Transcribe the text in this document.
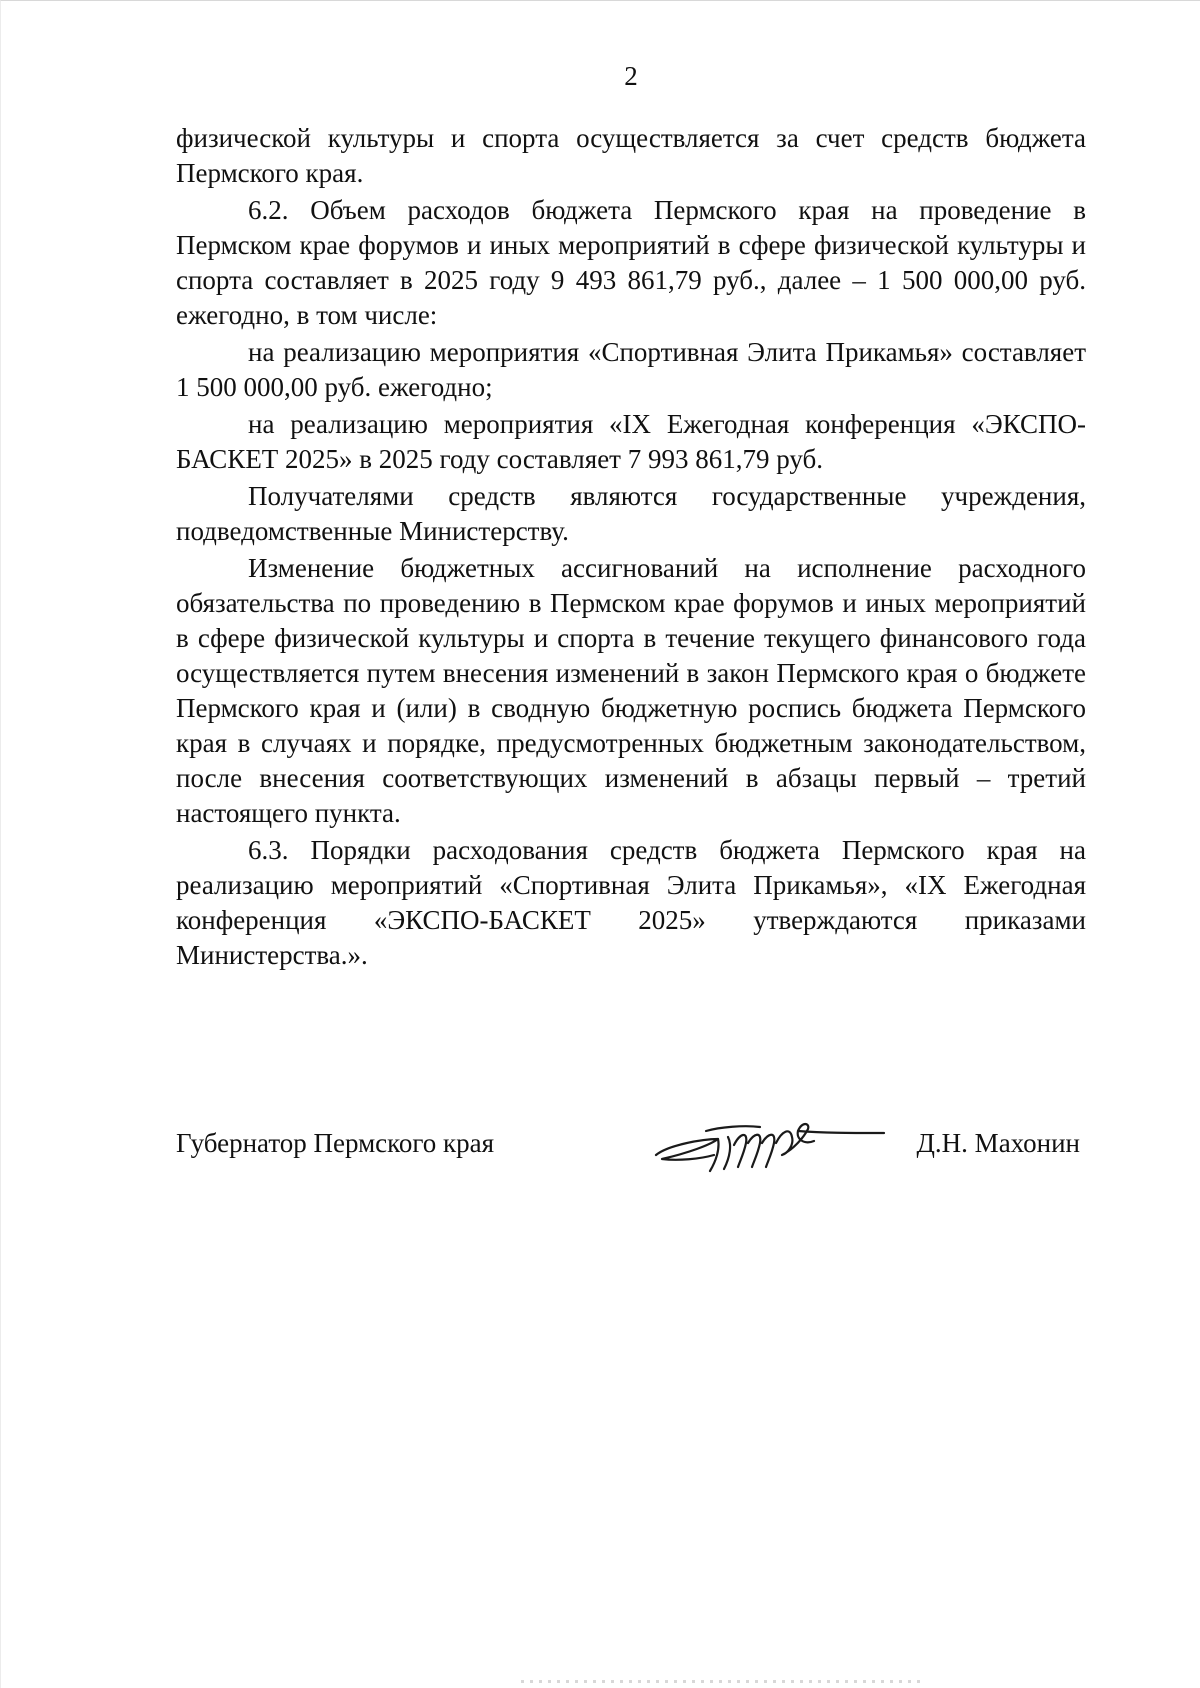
2

физической культуры и спорта осуществляется за счет средств бюджета Пермского края.

6.2. Объем расходов бюджета Пермского края на проведение в Пермском крае форумов и иных мероприятий в сфере физической культуры и спорта составляет в 2025 году 9 493 861,79 руб., далее – 1 500 000,00 руб. ежегодно, в том числе:

на реализацию мероприятия «Спортивная Элита Прикамья» составляет 1 500 000,00 руб. ежегодно;

на реализацию мероприятия «IX Ежегодная конференция «ЭКСПО-БАСКЕТ 2025» в 2025 году составляет 7 993 861,79 руб.

Получателями средств являются государственные учреждения, подведомственные Министерству.

Изменение бюджетных ассигнований на исполнение расходного обязательства по проведению в Пермском крае форумов и иных мероприятий в сфере физической культуры и спорта в течение текущего финансового года осуществляется путем внесения изменений в закон Пермского края о бюджете Пермского края и (или) в сводную бюджетную роспись бюджета Пермского края в случаях и порядке, предусмотренных бюджетным законодательством, после внесения соответствующих изменений в абзацы первый – третий настоящего пункта.

6.3. Порядки расходования средств бюджета Пермского края на реализацию мероприятий «Спортивная Элита Прикамья», «IX Ежегодная конференция «ЭКСПО-БАСКЕТ 2025» утверждаются приказами Министерства.».

Губернатор Пермского края	Д.Н. Махонин
